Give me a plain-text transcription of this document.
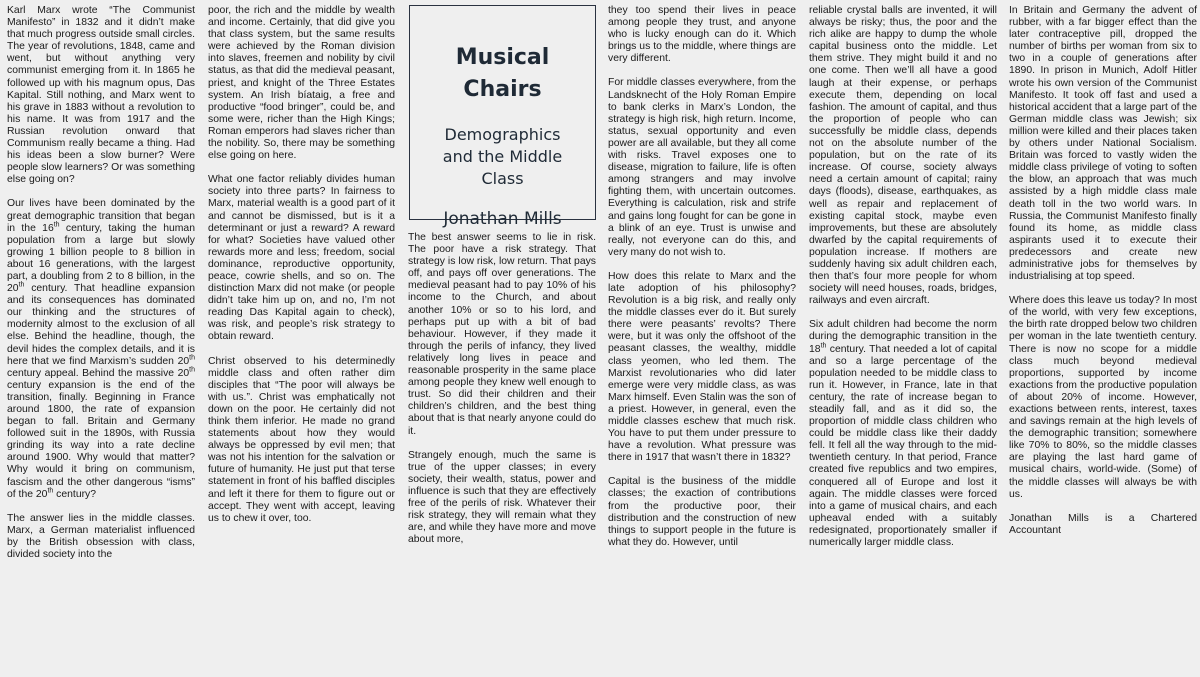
Karl Marx wrote “The Communist Manifesto” in 1832 and it didn’t make that much progress outside small circles. The year of revolutions, 1848, came and went, but without anything very communist emerging from it. In 1865 he followed up with his magnum opus, Das Kapital. Still nothing, and Marx went to his grave in 1883 without a revolution to his name. It was from 1917 and the Russian revolution onward that Communism really became a thing. Had his ideas been a slow burner? Were people slow learners? Or was something else going on?

Our lives have been dominated by the great demographic transition that began in the 16th century, taking the human population from a large but slowly growing 1 billion people to 8 billion in about 16 generations, with the largest part, a doubling from 2 to 8 billion, in the 20th century. That headline expansion and its consequences has dominated our thinking and the structures of modernity almost to the exclusion of all else. Behind the headline, though, the devil hides the complex details, and it is here that we find Marxism’s sudden 20th century appeal. Behind the massive 20th century expansion is the end of the transition, finally. Beginning in France around 1800, the rate of expansion began to fall. Britain and Germany followed suit in the 1890s, with Russia grinding its way into a rate decline around 1900. Why would that matter? Why would it bring on communism, fascism and the other dangerous “isms” of the 20th century?

The answer lies in the middle classes. Marx, a German materialist influenced by the British obsession with class, divided society into the

poor, the rich and the middle by wealth and income. Certainly, that did give you that class system, but the same results were achieved by the Roman division into slaves, freemen and nobility by civil status, as that did the medieval peasant, priest, and knight of the Three Estates system. An Irish bíataig, a free and productive “food bringer”, could be, and some were, richer than the High Kings; Roman emperors had slaves richer than the nobility. So, there may be something else going on here.

What one factor reliably divides human society into three parts? In fairness to Marx, material wealth is a good part of it and cannot be dismissed, but is it a determinant or just a reward? A reward for what? Societies have valued other rewards more and less; freedom, social dominance, reproductive opportunity, peace, cowrie shells, and so on. The distinction Marx did not make (or people didn’t take him up on, and no, I’m not reading Das Kapital again to check), was risk, and people’s risk strategy to obtain reward.

Christ observed to his determinedly middle class and often rather dim disciples that “The poor will always be with us.”. Christ was emphatically not down on the poor. He certainly did not think them inferior. He made no grand statements about how they would always be oppressed by evil men; that was not his intention for the salvation or future of humanity. He just put that terse statement in front of his baffled disciples and left it there for them to figure out or accept. They went with accept, leaving us to chew it over, too.

Musical
Chairs
Demographics
and the Middle
Class
Jonathan Mills

The best answer seems to lie in risk. The poor have a risk strategy. That strategy is low risk, low return. That pays off, and pays off over generations. The medieval peasant had to pay 10% of his income to the Church, and about another 10% or so to his lord, and perhaps put up with a bit of bad behaviour. However, if they made it through the perils of infancy, they lived relatively long lives in peace and reasonable prosperity in the same place among people they knew well enough to trust. So did their children and their children’s children, and the best thing about that is that nearly anyone could do it.

Strangely enough, much the same is true of the upper classes; in every society, their wealth, status, power and influence is such that they are effectively free of the perils of risk. Whatever their risk strategy, they will remain what they are, and while they have more and move about more,

they too spend their lives in peace among people they trust, and anyone who is lucky enough can do it. Which brings us to the middle, where things are very different.

For middle classes everywhere, from the Landsknecht of the Holy Roman Empire to bank clerks in Marx’s London, the strategy is high risk, high return. Income, status, sexual opportunity and even power are all available, but they all come with risks. Travel exposes one to disease, migration to failure, life is often among strangers and may involve fighting them, with uncertain outcomes. Everything is calculation, risk and strife and gains long fought for can be gone in a blink of an eye. Trust is unwise and really, not everyone can do this, and very many do not wish to.

How does this relate to Marx and the late adoption of his philosophy? Revolution is a big risk, and really only the middle classes ever do it. But surely there were peasants’ revolts? There were, but it was only the offshoot of the peasant classes, the wealthy, middle class yeomen, who led them. The Marxist revolutionaries who did later emerge were very middle class, as was Marx himself. Even Stalin was the son of a priest. However, in general, even the middle classes eschew that much risk. You have to put them under pressure to have a revolution. What pressure was there in 1917 that wasn’t there in 1832?

Capital is the business of the middle classes; the exaction of contributions from the productive poor, their distribution and the construction of new things to support people in the future is what they do. However, until

reliable crystal balls are invented, it will always be risky; thus, the poor and the rich alike are happy to dump the whole capital business onto the middle. Let them strive. They might build it and no one come. Then we’ll all have a good laugh at their expense, or perhaps execute them, depending on local fashion. The amount of capital, and thus the proportion of people who can successfully be middle class, depends not on the absolute number of the population, but on the rate of its increase. Of course, society always need a certain amount of capital; rainy days (floods), disease, earthquakes, as well as repair and replacement of existing capital stock, maybe even improvements, but these are absolutely dwarfed by the capital requirements of population increase. If mothers are suddenly having six adult children each, then that’s four more people for whom society will need houses, roads, bridges, railways and even aircraft.

Six adult children had become the norm during the demographic transition in the 18th century. That needed a lot of capital and so a large percentage of the population needed to be middle class to run it. However, in France, late in that century, the rate of increase began to steadily fall, and as it did so, the proportion of middle class children who could be middle class like their daddy fell. It fell all the way through to the mid-twentieth century. In that period, France created five republics and two empires, conquered all of Europe and lost it again. The middle classes were forced into a game of musical chairs, and each upheaval ended with a suitably redesignated, proportionately smaller if numerically larger middle class.

In Britain and Germany the advent of rubber, with a far bigger effect than the later contraceptive pill, dropped the number of births per woman from six to two in a couple of generations after 1890. In prison in Munich, Adolf Hitler wrote his own version of the Communist Manifesto. It took off fast and used a historical accident that a large part of the German middle class was Jewish; six million were killed and their places taken by others under National Socialism. Britain was forced to vastly widen the middle class privilege of voting to soften the blow, an approach that was much assisted by a high middle class male death toll in the two world wars. In Russia, the Communist Manifesto finally found its home, as middle class aspirants used it to execute their predecessors and create new administrative jobs for themselves by industrialising at top speed.

Where does this leave us today? In most of the world, with very few exceptions, the birth rate dropped below two children per woman in the late twentieth century. There is now no scope for a middle class much beyond medieval proportions, supported by income exactions from the productive population of about 20% of income. However, exactions between rents, interest, taxes and savings remain at the high levels of the demographic transition; somewhere like 70% to 80%, so the middle classes are playing the last hard game of musical chairs, world-wide. (Some) of the middle classes will always be with us.

Jonathan Mills is a Chartered Accountant
